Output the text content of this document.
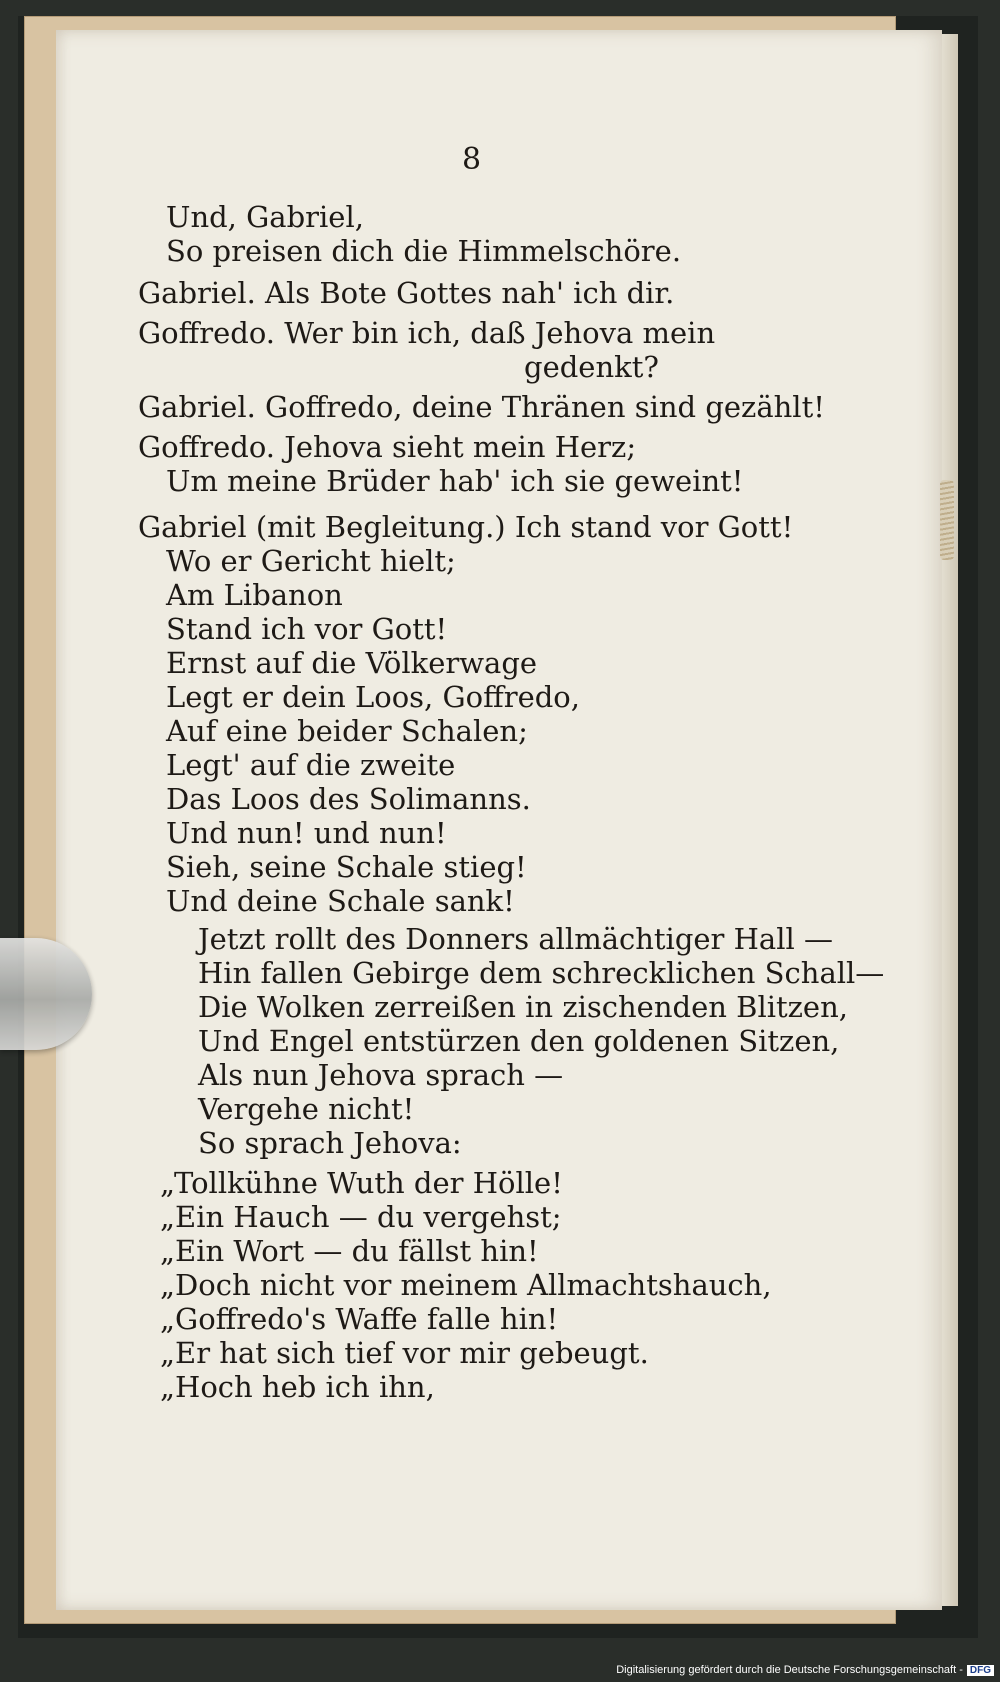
8
Und, Gabriel,
So preisen dich die Himmelschöre.
Gabriel. Als Bote Gottes nah' ich dir.
Goffredo. Wer bin ich, daß Jehova mein
gedenkt?
Gabriel. Goffredo, deine Thränen sind gezählt!
Goffredo. Jehova sieht mein Herz;
Um meine Brüder hab' ich sie geweint!
Gabriel (mit Begleitung.) Ich stand vor Gott!
Wo er Gericht hielt;
Am Libanon
Stand ich vor Gott!
Ernst auf die Völkerwage
Legt er dein Loos, Goffredo,
Auf eine beider Schalen;
Legt' auf die zweite
Das Loos des Solimanns.
Und nun! und nun!
Sieh, seine Schale stieg!
Und deine Schale sank!
Jetzt rollt des Donners allmächtiger Hall —
Hin fallen Gebirge dem schrecklichen Schall—
Die Wolken zerreißen in zischenden Blitzen,
Und Engel entstürzen den goldenen Sitzen,
Als nun Jehova sprach —
Vergehe nicht!
So sprach Jehova:
„Tollkühne Wuth der Hölle!
„Ein Hauch — du vergehst;
„Ein Wort — du fällst hin!
„Doch nicht vor meinem Allmachtshauch,
„Goffredo's Waffe falle hin!
„Er hat sich tief vor mir gebeugt.
„Hoch heb ich ihn,
Digitalisierung gefördert durch die Deutsche Forschungsgemeinschaft - DFG
